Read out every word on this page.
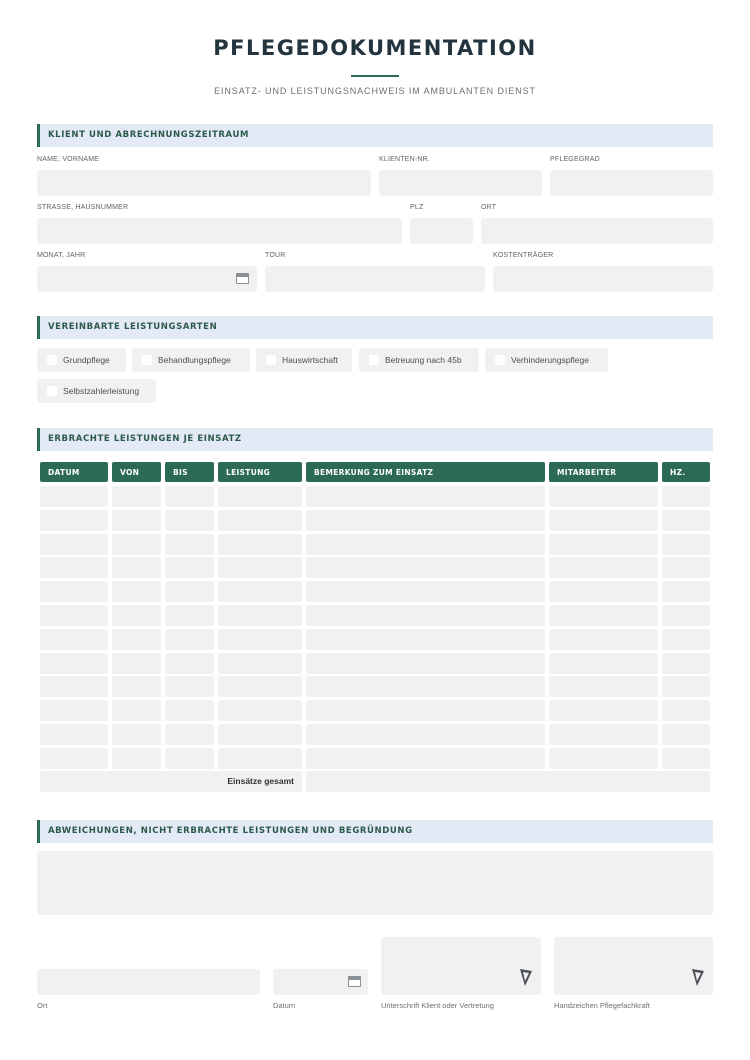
PFLEGEDOKUMENTATION
EINSATZ- UND LEISTUNGSNACHWEIS IM AMBULANTEN DIENST
KLIENT UND ABRECHNUNGSZEITRAUM
NAME, VORNAME	KLIENTEN-NR.	PFLEGEGRAD
STRASSE, HAUSNUMMER	PLZ	ORT
MONAT, JAHR	TOUR	KOSTENTRÄGER
VEREINBARTE LEISTUNGSARTEN
Grundpflege	Behandlungspflege	Hauswirtschaft	Betreuung nach 45b	Verhinderungspflege
Selbstzahlerleistung
ERBRACHTE LEISTUNGEN JE EINSATZ
DATUM	VON	BIS	LEISTUNG	BEMERKUNG ZUM EINSATZ	MITARBEITER	HZ.
Einsätze gesamt
ABWEICHUNGEN, NICHT ERBRACHTE LEISTUNGEN UND BEGRÜNDUNG
Ort	Datum	Unterschrift Klient oder Vertretung	Handzeichen Pflegefachkraft
